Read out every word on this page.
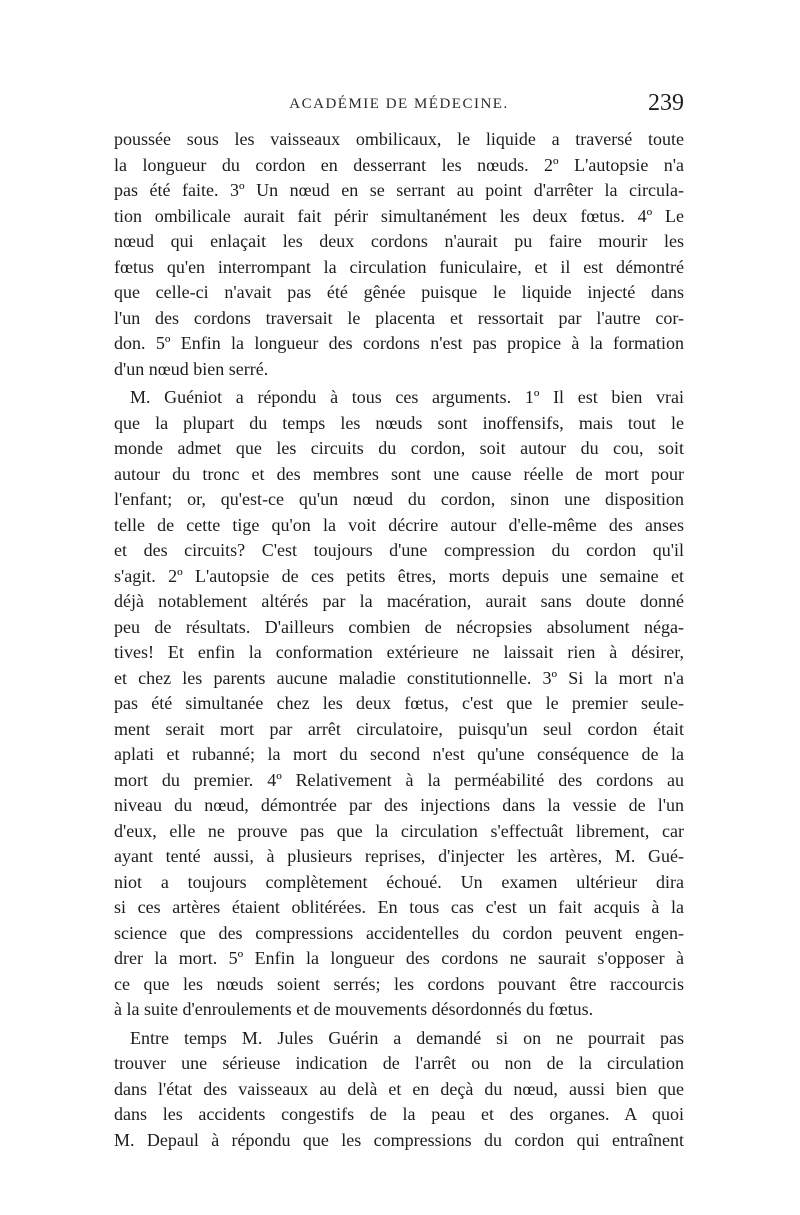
ACADÉMIE DE MÉDECINE.	239
poussée sous les vaisseaux ombilicaux, le liquide a traversé toute
la longueur du cordon en desserrant les nœuds. 2º L'autopsie n'a
pas été faite. 3º Un nœud en se serrant au point d'arrêter la circula-
tion ombilicale aurait fait périr simultanément les deux fœtus. 4º Le
nœud qui enlaçait les deux cordons n'aurait pu faire mourir les
fœtus qu'en interrompant la circulation funiculaire, et il est démontré
que celle-ci n'avait pas été gênée puisque le liquide injecté dans
l'un des cordons traversait le placenta et ressortait par l'autre cor-
don. 5º Enfin la longueur des cordons n'est pas propice à la formation
d'un nœud bien serré.
M. Guéniot a répondu à tous ces arguments. 1º Il est bien vrai
que la plupart du temps les nœuds sont inoffensifs, mais tout le
monde admet que les circuits du cordon, soit autour du cou, soit
autour du tronc et des membres sont une cause réelle de mort pour
l'enfant; or, qu'est-ce qu'un nœud du cordon, sinon une disposition
telle de cette tige qu'on la voit décrire autour d'elle-même des anses
et des circuits? C'est toujours d'une compression du cordon qu'il
s'agit. 2º L'autopsie de ces petits êtres, morts depuis une semaine et
déjà notablement altérés par la macération, aurait sans doute donné
peu de résultats. D'ailleurs combien de nécropsies absolument néga-
tives! Et enfin la conformation extérieure ne laissait rien à désirer,
et chez les parents aucune maladie constitutionnelle. 3º Si la mort n'a
pas été simultanée chez les deux fœtus, c'est que le premier seule-
ment serait mort par arrêt circulatoire, puisqu'un seul cordon était
aplati et rubanné; la mort du second n'est qu'une conséquence de la
mort du premier. 4º Relativement à la perméabilité des cordons au
niveau du nœud, démontrée par des injections dans la vessie de l'un
d'eux, elle ne prouve pas que la circulation s'effectuât librement, car
ayant tenté aussi, à plusieurs reprises, d'injecter les artères, M. Gué-
niot a toujours complètement échoué. Un examen ultérieur dira
si ces artères étaient oblitérées. En tous cas c'est un fait acquis à la
science que des compressions accidentelles du cordon peuvent engen-
drer la mort. 5º Enfin la longueur des cordons ne saurait s'opposer à
ce que les nœuds soient serrés; les cordons pouvant être raccourcis
à la suite d'enroulements et de mouvements désordonnés du fœtus.
Entre temps M. Jules Guérin a demandé si on ne pourrait pas
trouver une sérieuse indication de l'arrêt ou non de la circulation
dans l'état des vaisseaux au delà et en deçà du nœud, aussi bien que
dans les accidents congestifs de la peau et des organes. A quoi
M. Depaul à répondu que les compressions du cordon qui entraînent
